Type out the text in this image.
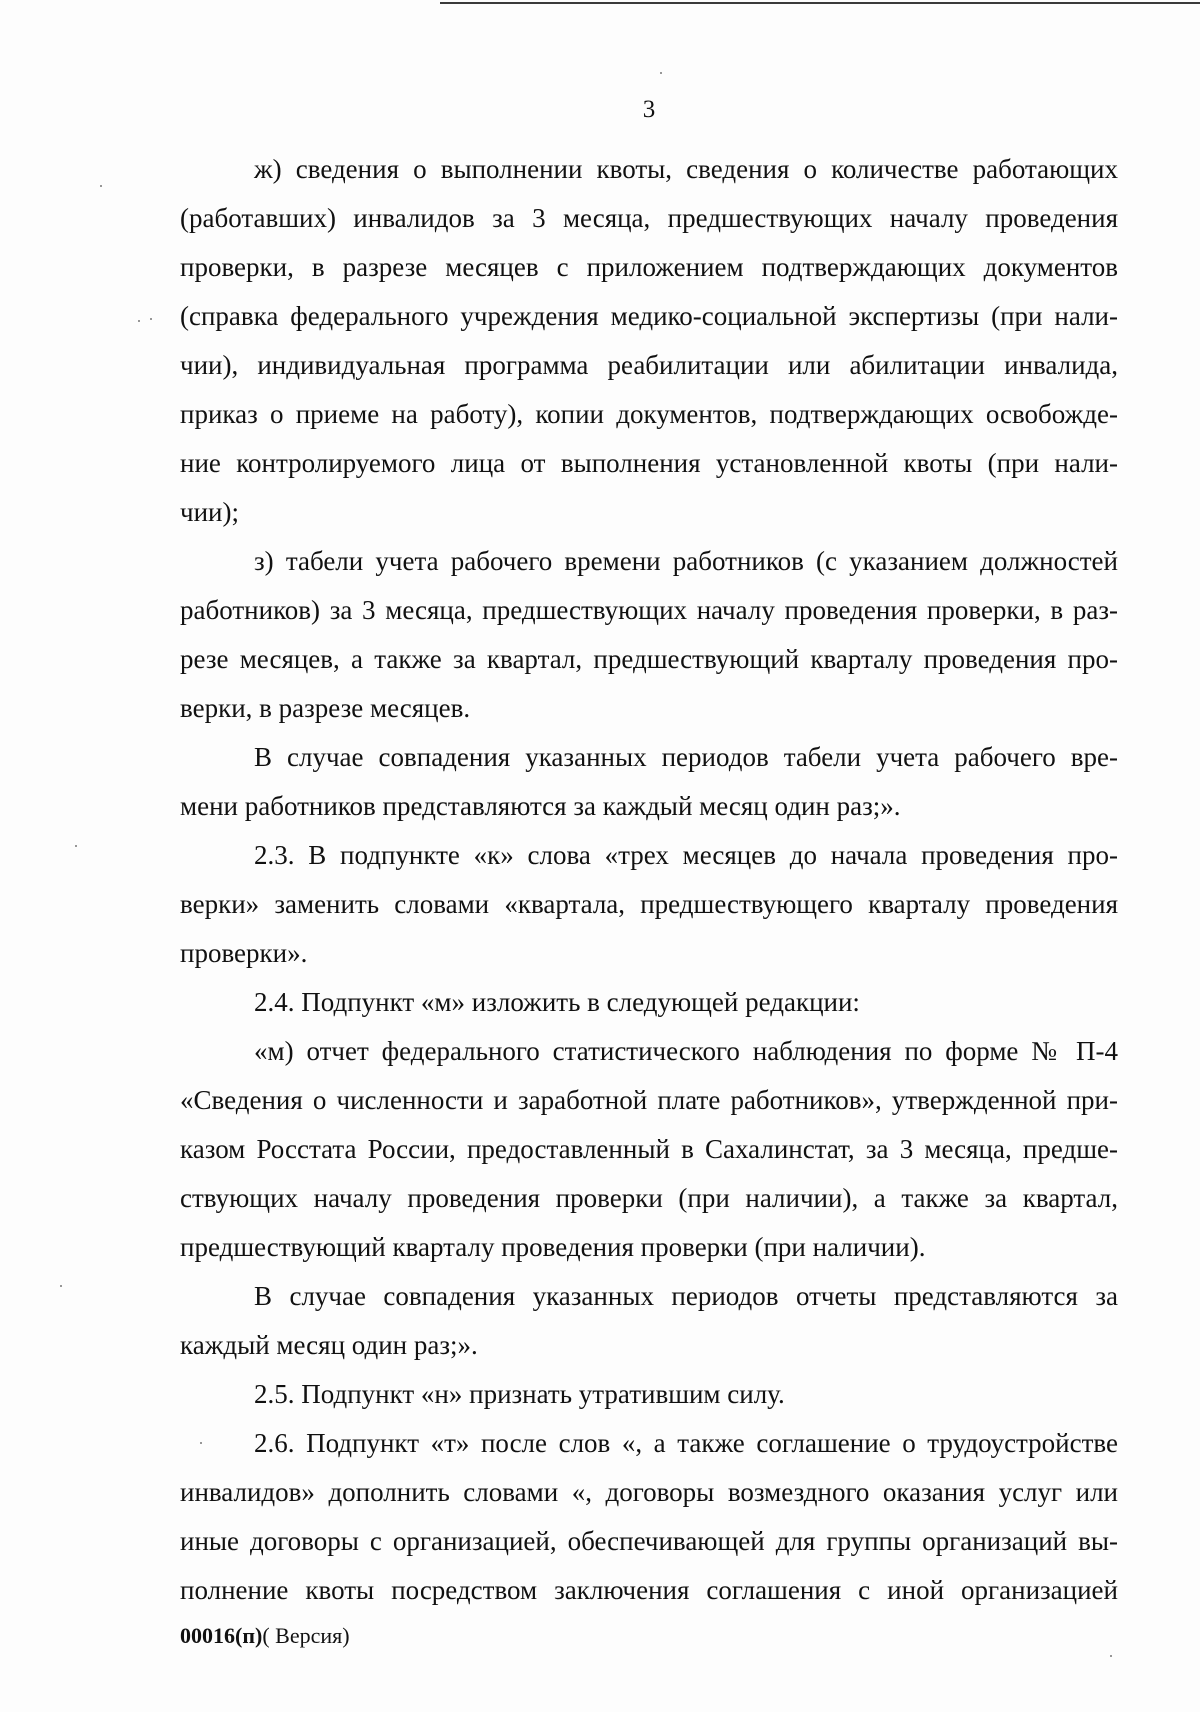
3
ж) сведения о выполнении квоты, сведения о количестве работающих
(работавших) инвалидов за 3 месяца, предшествующих началу проведения
проверки, в разрезе месяцев с приложением подтверждающих документов
(справка федерального учреждения медико-социальной экспертизы (при нали-
чии), индивидуальная программа реабилитации или абилитации инвалида,
приказ о приеме на работу), копии документов, подтверждающих освобожде-
ние контролируемого лица от выполнения установленной квоты (при нали-
чии);
з) табели учета рабочего времени работников (с указанием должностей
работников) за 3 месяца, предшествующих началу проведения проверки, в раз-
резе месяцев, а также за квартал, предшествующий кварталу проведения про-
верки, в разрезе месяцев.
В случае совпадения указанных периодов табели учета рабочего вре-
мени работников представляются за каждый месяц один раз;».
2.3. В подпункте «к» слова «трех месяцев до начала проведения про-
верки» заменить словами «квартала, предшествующего кварталу проведения
проверки».
2.4. Подпункт «м» изложить в следующей редакции:
«м) отчет федерального статистического наблюдения по форме № П-4
«Сведения о численности и заработной плате работников», утвержденной при-
казом Росстата России, предоставленный в Сахалинстат, за 3 месяца, предше-
ствующих началу проведения проверки (при наличии), а также за квартал,
предшествующий кварталу проведения проверки (при наличии).
В случае совпадения указанных периодов отчеты представляются за
каждый месяц один раз;».
2.5. Подпункт «н» признать утратившим силу.
2.6. Подпункт «т» после слов «, а также соглашение о трудоустройстве
инвалидов» дополнить словами «, договоры возмездного оказания услуг или
иные договоры с организацией, обеспечивающей для группы организаций вы-
полнение квоты посредством заключения соглашения с иной организацией
00016(п)( Версия)
